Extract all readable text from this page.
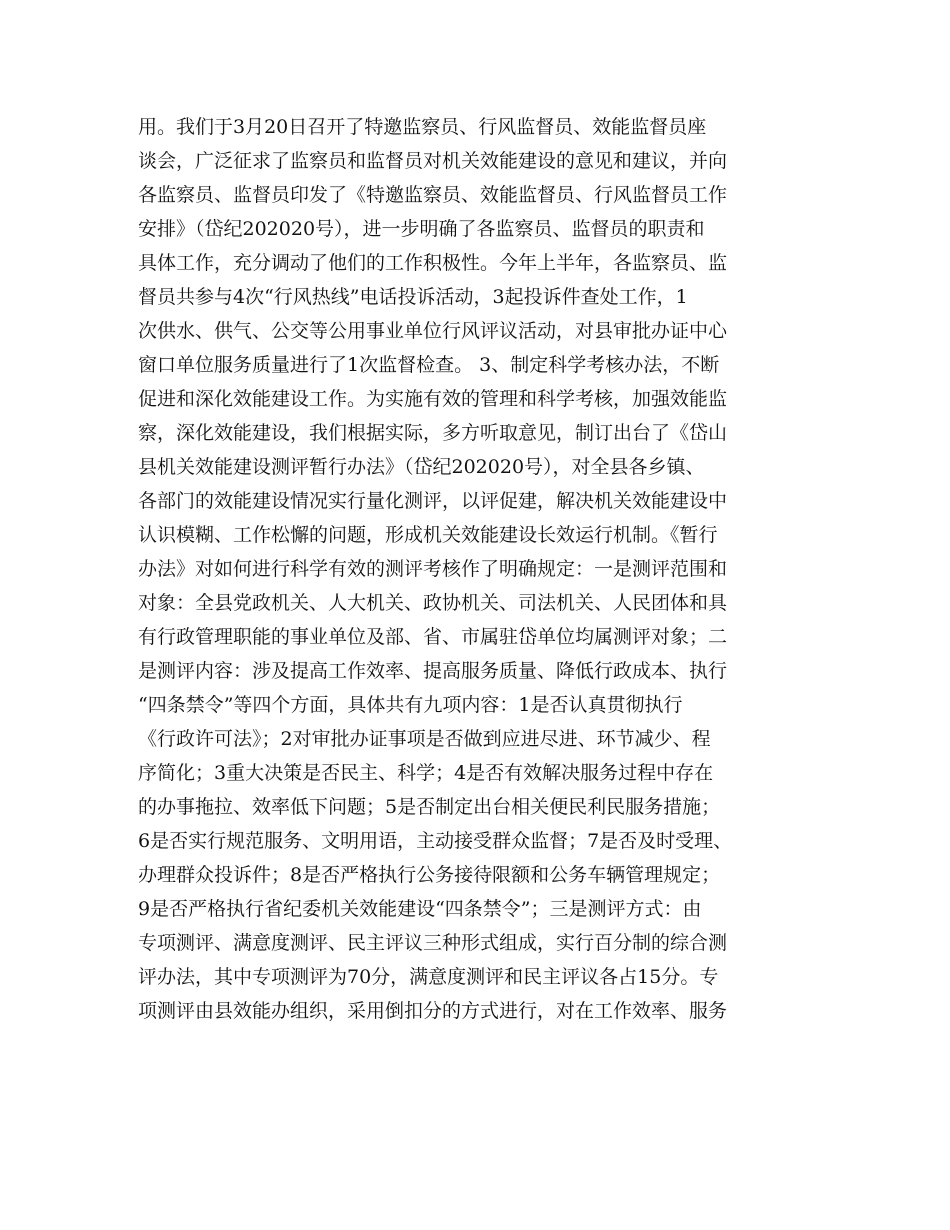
用。我们于3月20日召开了特邀监察员、行风监督员、效能监督员座
谈会，广泛征求了监察员和监督员对机关效能建设的意见和建议，并向
各监察员、监督员印发了《特邀监察员、效能监督员、行风监督员工作
安排》（岱纪202020号），进一步明确了各监察员、监督员的职责和
具体工作，充分调动了他们的工作积极性。今年上半年，各监察员、监
督员共参与4次“行风热线”电话投诉活动，3起投诉件查处工作，1
次供水、供气、公交等公用事业单位行风评议活动，对县审批办证中心
窗口单位服务质量进行了1次监督检查。 3、制定科学考核办法，不断
促进和深化效能建设工作。为实施有效的管理和科学考核，加强效能监
察，深化效能建设，我们根据实际，多方听取意见，制订出台了《岱山
县机关效能建设测评暂行办法》（岱纪202020号），对全县各乡镇、
各部门的效能建设情况实行量化测评，以评促建，解决机关效能建设中
认识模糊、工作松懈的问题，形成机关效能建设长效运行机制。《暂行
办法》对如何进行科学有效的测评考核作了明确规定：一是测评范围和
对象：全县党政机关、人大机关、政协机关、司法机关、人民团体和具
有行政管理职能的事业单位及部、省、市属驻岱单位均属测评对象；二
是测评内容：涉及提高工作效率、提高服务质量、降低行政成本、执行
“四条禁令”等四个方面，具体共有九项内容：1是否认真贯彻执行
《行政许可法》；2对审批办证事项是否做到应进尽进、环节减少、程
序简化；3重大决策是否民主、科学；4是否有效解决服务过程中存在
的办事拖拉、效率低下问题；5是否制定出台相关便民利民服务措施；
6是否实行规范服务、文明用语，主动接受群众监督；7是否及时受理、
办理群众投诉件；8是否严格执行公务接待限额和公务车辆管理规定；
9是否严格执行省纪委机关效能建设“四条禁令”；三是测评方式：由
专项测评、满意度测评、民主评议三种形式组成，实行百分制的综合测
评办法，其中专项测评为70分，满意度测评和民主评议各占15分。专
项测评由县效能办组织，采用倒扣分的方式进行，对在工作效率、服务
